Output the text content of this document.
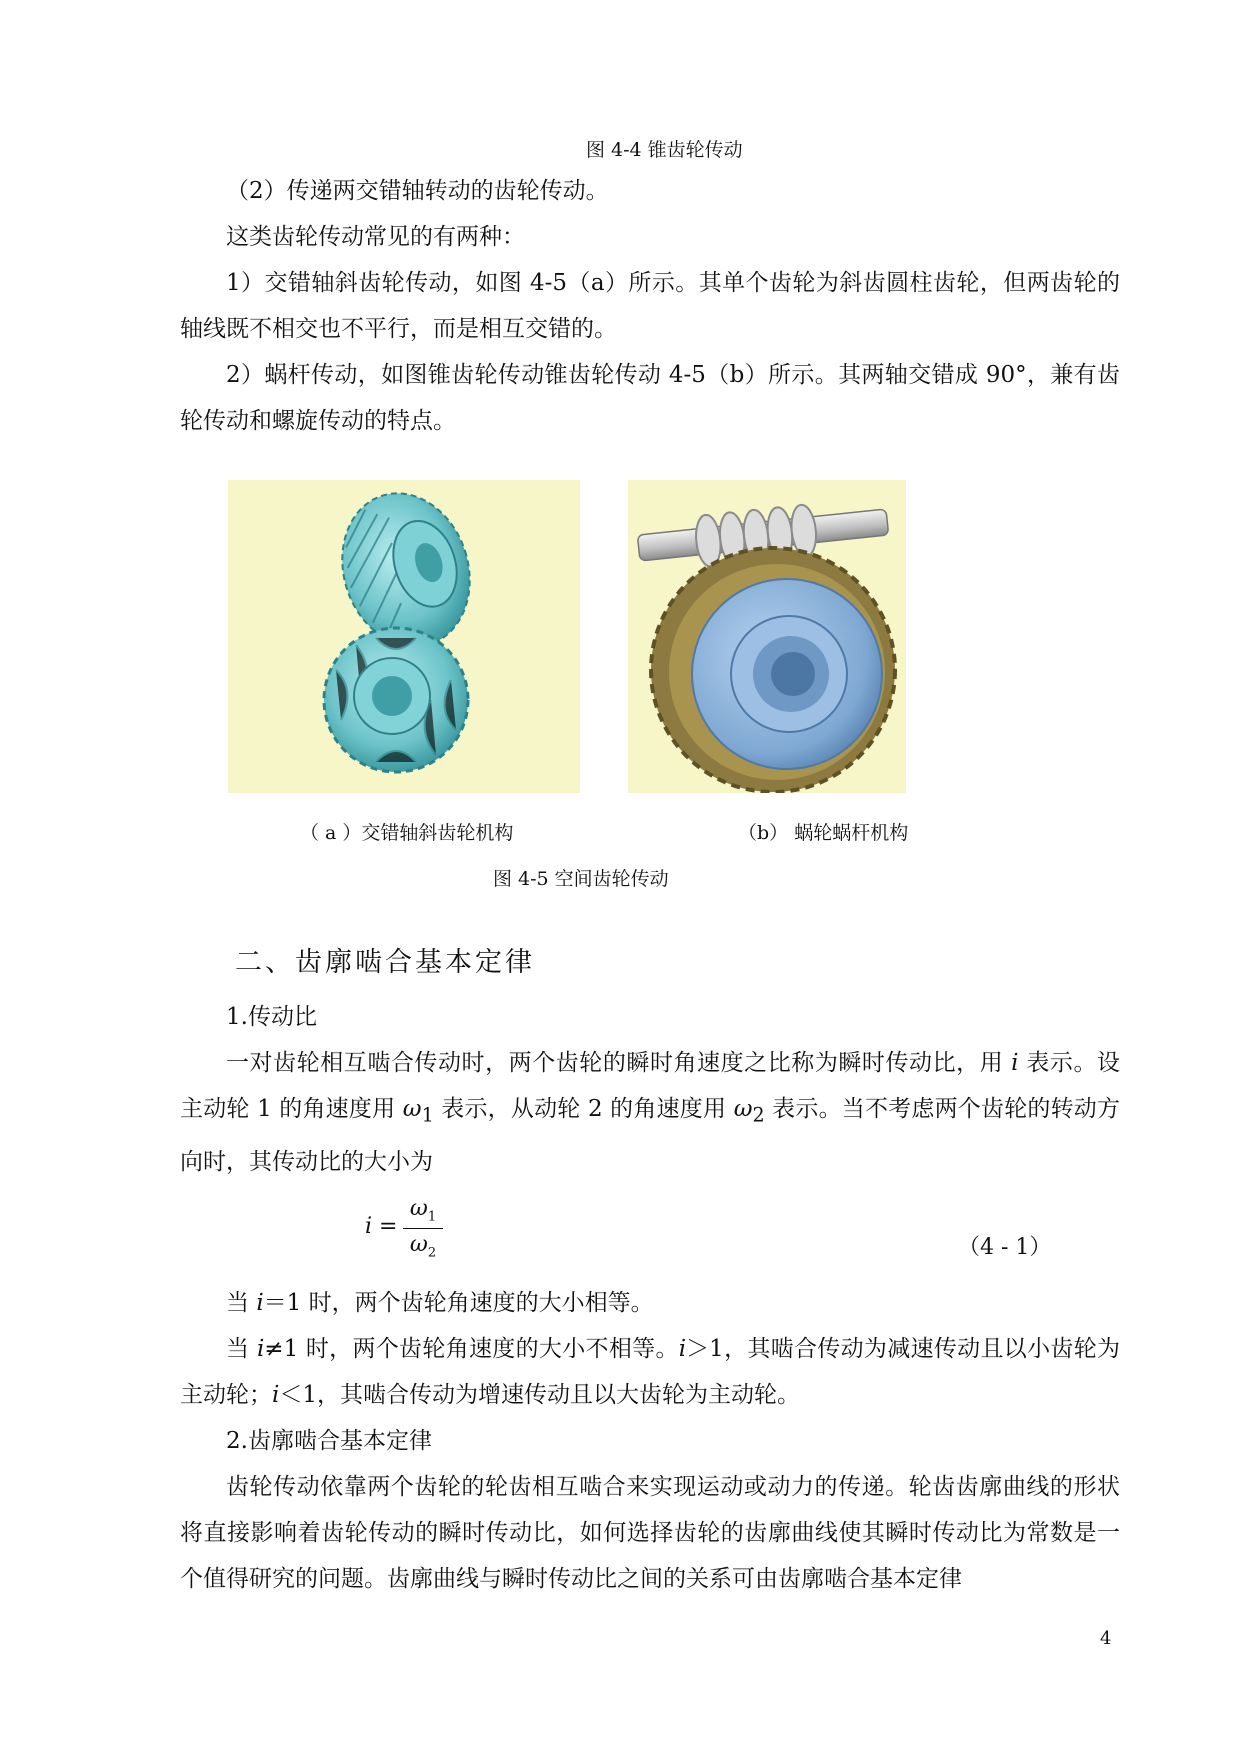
图 4-4 锥齿轮传动

（2）传递两交错轴转动的齿轮传动。

这类齿轮传动常见的有两种：

1）交错轴斜齿轮传动，如图 4-5（a）所示。其单个齿轮为斜齿圆柱齿轮，但两齿轮的轴线既不相交也不平行，而是相互交错的。

2）蜗杆传动，如图锥齿轮传动锥齿轮传动 4-5（b）所示。其两轴交错成 90°，兼有齿轮传动和螺旋传动的特点。

（ a ）交错轴斜齿轮机构	（b） 蜗轮蜗杆机构
图 4-5 空间齿轮传动
二、齿廓啮合基本定律

1.传动比

一对齿轮相互啮合传动时，两个齿轮的瞬时角速度之比称为瞬时传动比，用 i 表示。设主动轮 1 的角速度用 $\omega_1$ 表示，从动轮 2 的角速度用 $\omega_2$ 表示。当不考虑两个齿轮的转动方向时，其传动比的大小为

i =
$\omega_1$
$\omega_2$	（4 - 1）

当 i＝1 时，两个齿轮角速度的大小相等。

当 i≠1 时，两个齿轮角速度的大小不相等。i＞1，其啮合传动为减速传动且以小齿轮为主动轮；i＜1，其啮合传动为增速传动且以大齿轮为主动轮。

2.齿廓啮合基本定律

齿轮传动依靠两个齿轮的轮齿相互啮合来实现运动或动力的传递。轮齿齿廓曲线的形状将直接影响着齿轮传动的瞬时传动比，如何选择齿轮的齿廓曲线使其瞬时传动比为常数是一个值得研究的问题。齿廓曲线与瞬时传动比之间的关系可由齿廓啮合基本定律

4
